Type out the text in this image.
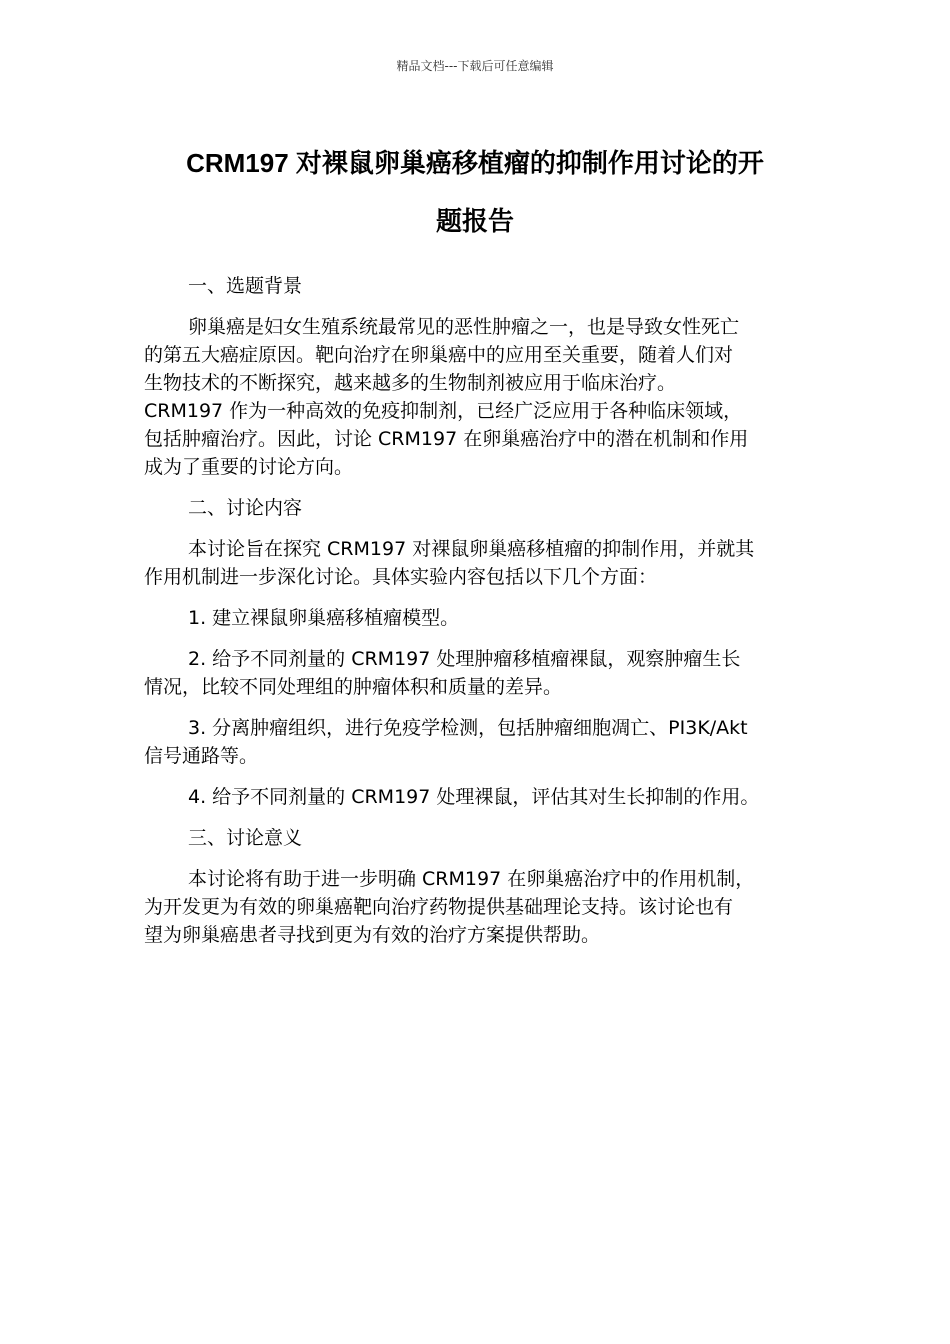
精品文档---下载后可任意编辑
CRM197 对裸鼠卵巢癌移植瘤的抑制作用讨论的开
题报告

一、选题背景

卵巢癌是妇女生殖系统最常见的恶性肿瘤之一，也是导致女性死亡
的第五大癌症原因。靶向治疗在卵巢癌中的应用至关重要，随着人们对
生物技术的不断探究，越来越多的生物制剂被应用于临床治疗。
CRM197 作为一种高效的免疫抑制剂，已经广泛应用于各种临床领域，
包括肿瘤治疗。因此，讨论 CRM197 在卵巢癌治疗中的潜在机制和作用
成为了重要的讨论方向。

二、讨论内容

本讨论旨在探究 CRM197 对裸鼠卵巢癌移植瘤的抑制作用，并就其
作用机制进一步深化讨论。具体实验内容包括以下几个方面：

1. 建立裸鼠卵巢癌移植瘤模型。

2. 给予不同剂量的 CRM197 处理肿瘤移植瘤裸鼠，观察肿瘤生长
情况，比较不同处理组的肿瘤体积和质量的差异。

3. 分离肿瘤组织，进行免疫学检测，包括肿瘤细胞凋亡、PI3K/Akt
信号通路等。

4. 给予不同剂量的 CRM197 处理裸鼠，评估其对生长抑制的作用。

三、讨论意义

本讨论将有助于进一步明确 CRM197 在卵巢癌治疗中的作用机制，
为开发更为有效的卵巢癌靶向治疗药物提供基础理论支持。该讨论也有
望为卵巢癌患者寻找到更为有效的治疗方案提供帮助。
